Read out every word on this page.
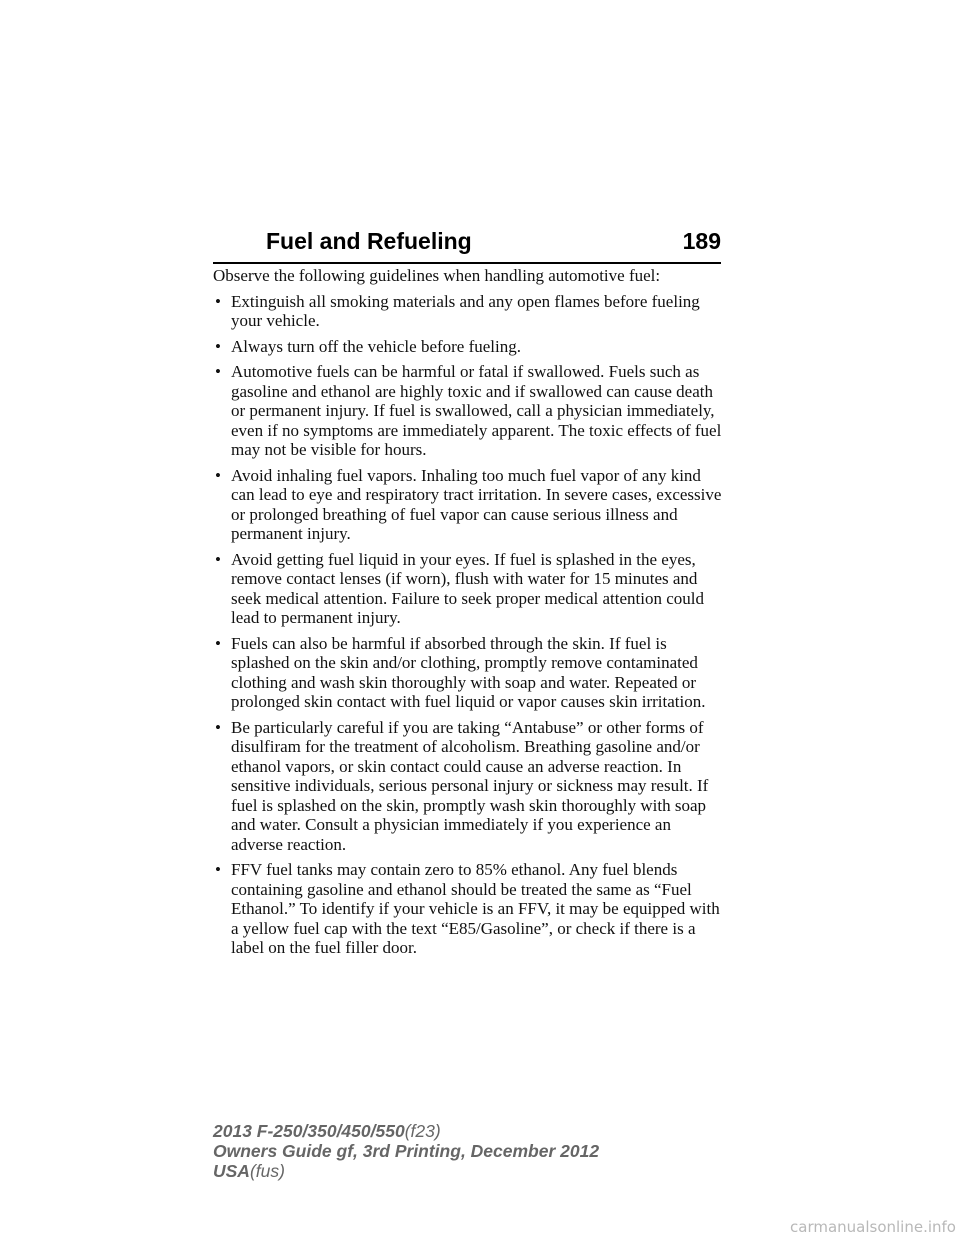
Fuel and Refueling	189

Observe the following guidelines when handling automotive fuel:

• Extinguish all smoking materials and any open flames before fueling your vehicle.
• Always turn off the vehicle before fueling.
• Automotive fuels can be harmful or fatal if swallowed. Fuels such as gasoline and ethanol are highly toxic and if swallowed can cause death or permanent injury. If fuel is swallowed, call a physician immediately, even if no symptoms are immediately apparent. The toxic effects of fuel may not be visible for hours.
• Avoid inhaling fuel vapors. Inhaling too much fuel vapor of any kind can lead to eye and respiratory tract irritation. In severe cases, excessive or prolonged breathing of fuel vapor can cause serious illness and permanent injury.
• Avoid getting fuel liquid in your eyes. If fuel is splashed in the eyes, remove contact lenses (if worn), flush with water for 15 minutes and seek medical attention. Failure to seek proper medical attention could lead to permanent injury.
• Fuels can also be harmful if absorbed through the skin. If fuel is splashed on the skin and/or clothing, promptly remove contaminated clothing and wash skin thoroughly with soap and water. Repeated or prolonged skin contact with fuel liquid or vapor causes skin irritation.
• Be particularly careful if you are taking “Antabuse” or other forms of disulfiram for the treatment of alcoholism. Breathing gasoline and/or ethanol vapors, or skin contact could cause an adverse reaction. In sensitive individuals, serious personal injury or sickness may result. If fuel is splashed on the skin, promptly wash skin thoroughly with soap and water. Consult a physician immediately if you experience an adverse reaction.
• FFV fuel tanks may contain zero to 85% ethanol. Any fuel blends containing gasoline and ethanol should be treated the same as “Fuel Ethanol.” To identify if your vehicle is an FFV, it may be equipped with a yellow fuel cap with the text “E85/Gasoline”, or check if there is a label on the fuel filler door.
2013 F-250/350/450/550(f23)
Owners Guide gf, 3rd Printing, December 2012
USA(fus)
carmanualsonline.info
